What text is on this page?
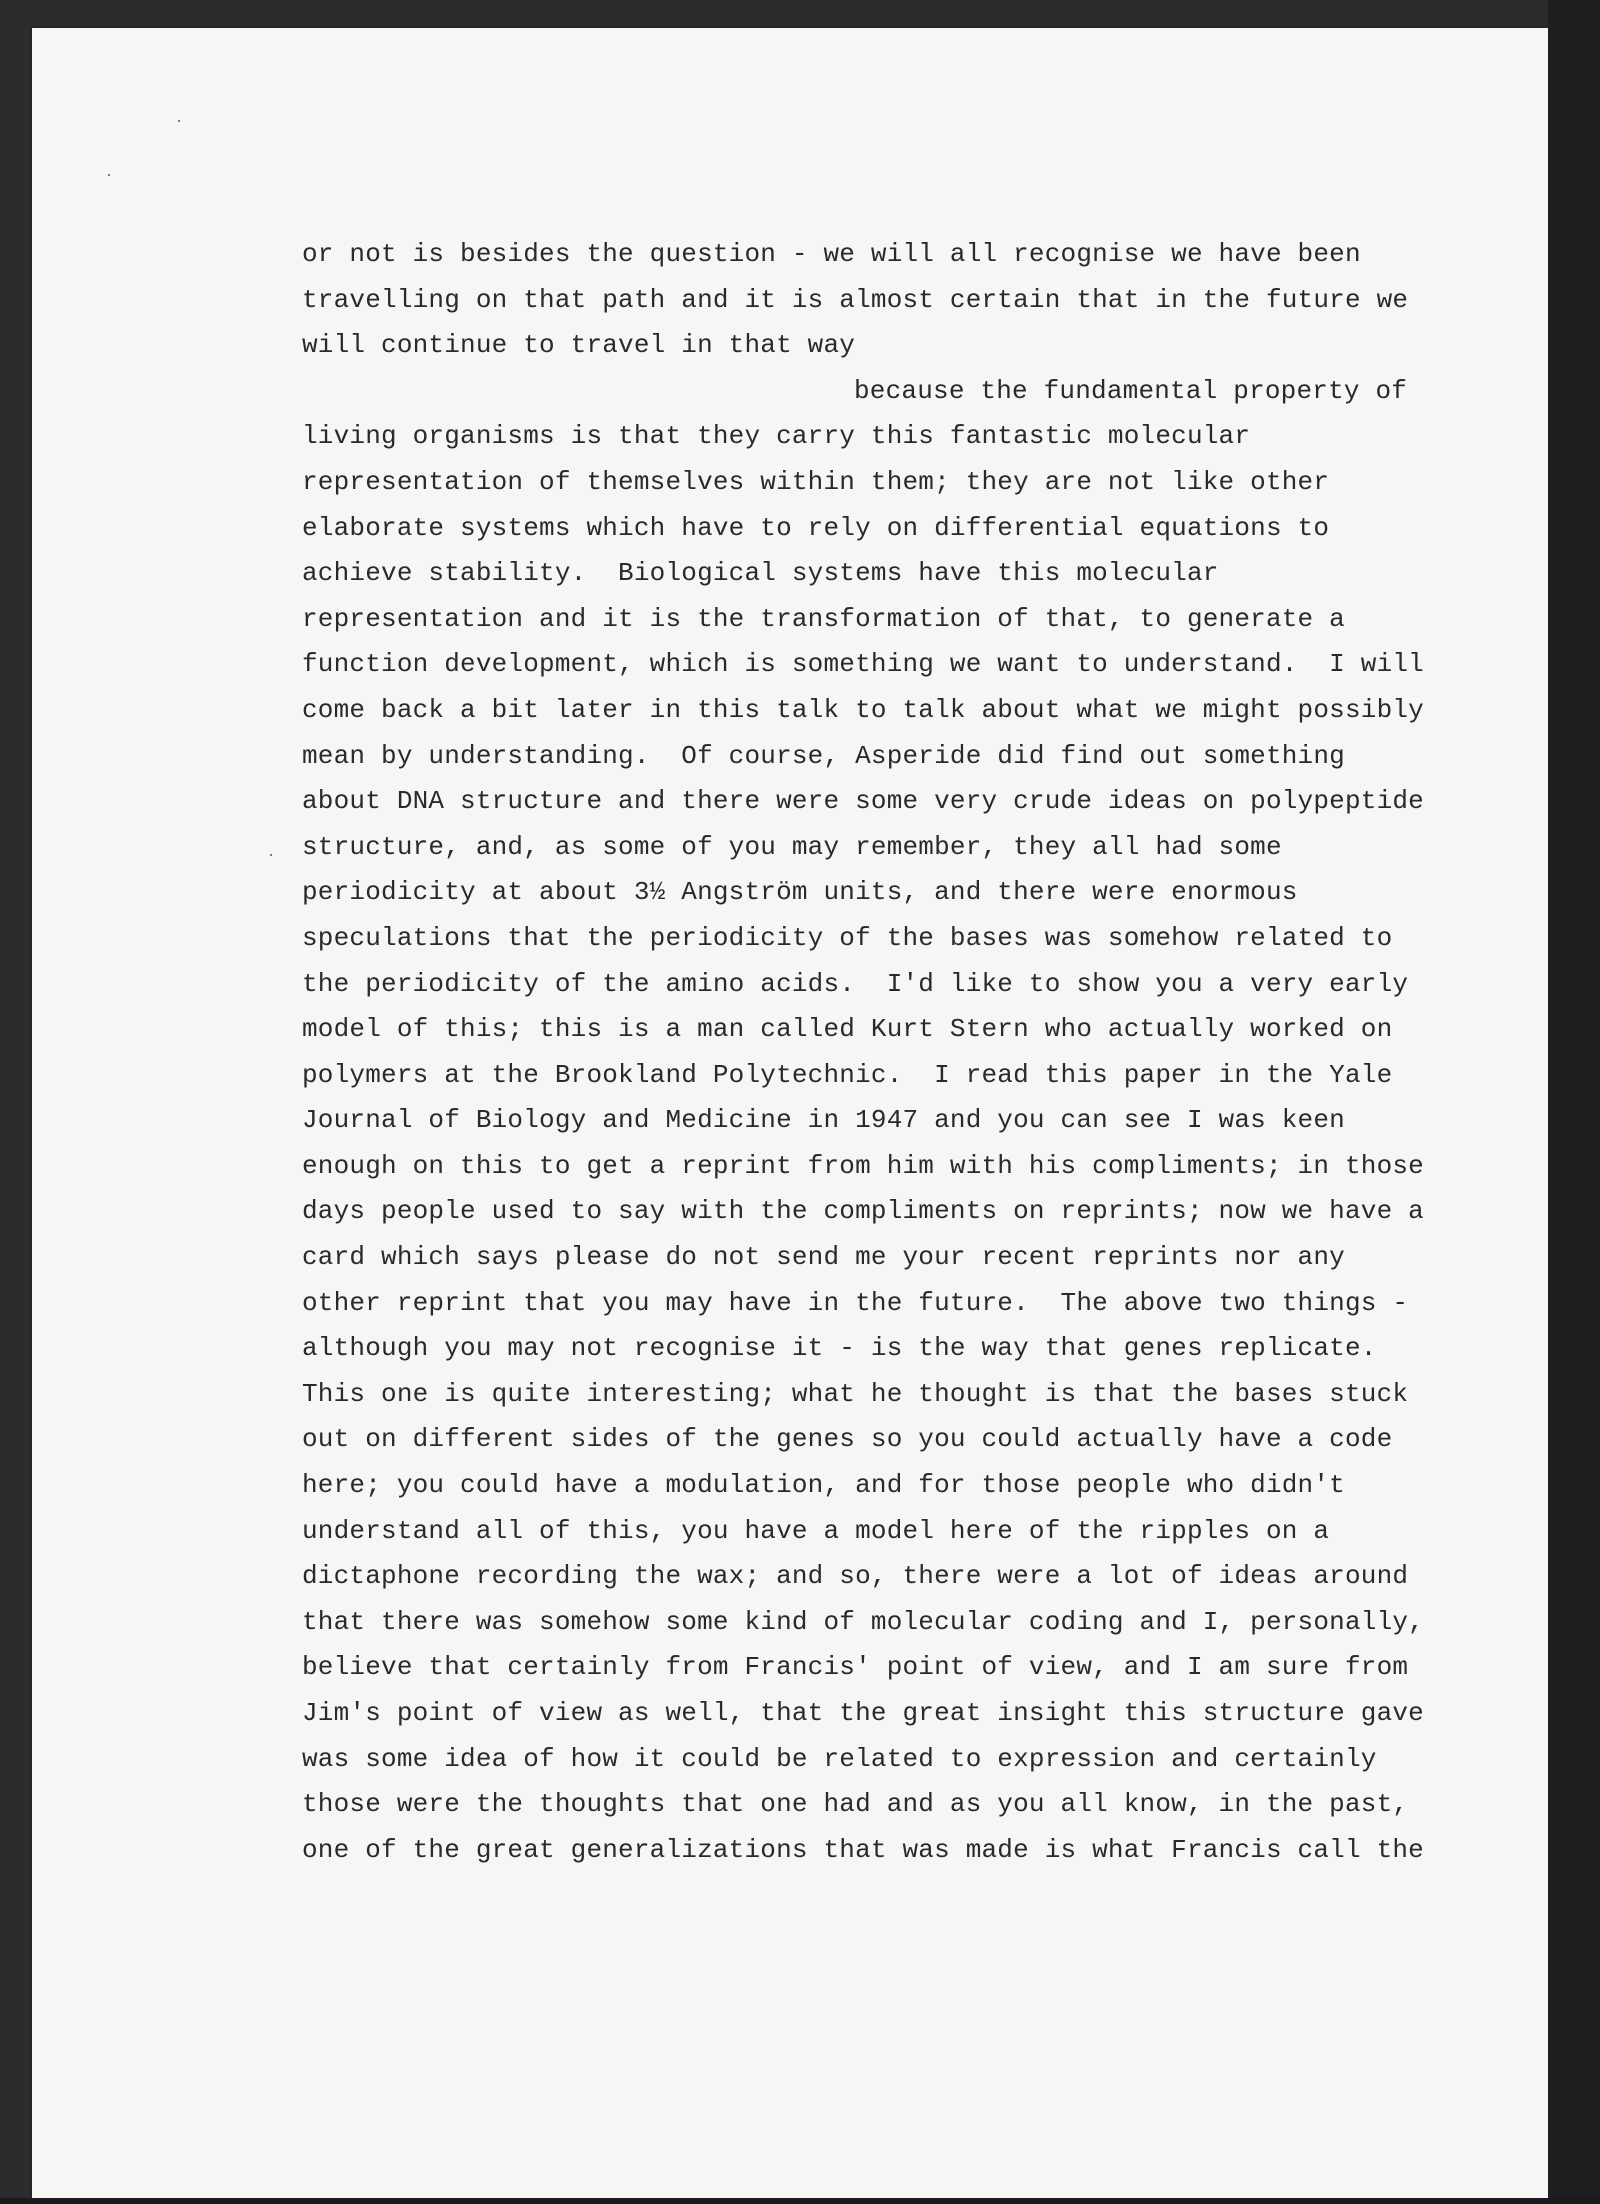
or not is besides the question - we will all recognise we have been
travelling on that path and it is almost certain that in the future we
will continue to travel in that way
because the fundamental property of
living organisms is that they carry this fantastic molecular
representation of themselves within them; they are not like other
elaborate systems which have to rely on differential equations to
achieve stability.  Biological systems have this molecular
representation and it is the transformation of that, to generate a
function development, which is something we want to understand.  I will
come back a bit later in this talk to talk about what we might possibly
mean by understanding.  Of course, Asperide did find out something
about DNA structure and there were some very crude ideas on polypeptide
structure, and, as some of you may remember, they all had some
periodicity at about 3½ Angström units, and there were enormous
speculations that the periodicity of the bases was somehow related to
the periodicity of the amino acids.  I'd like to show you a very early
model of this; this is a man called Kurt Stern who actually worked on
polymers at the Brookland Polytechnic.  I read this paper in the Yale
Journal of Biology and Medicine in 1947 and you can see I was keen
enough on this to get a reprint from him with his compliments; in those
days people used to say with the compliments on reprints; now we have a
card which says please do not send me your recent reprints nor any
other reprint that you may have in the future.  The above two things -
although you may not recognise it - is the way that genes replicate.
This one is quite interesting; what he thought is that the bases stuck
out on different sides of the genes so you could actually have a code
here; you could have a modulation, and for those people who didn't
understand all of this, you have a model here of the ripples on a
dictaphone recording the wax; and so, there were a lot of ideas around
that there was somehow some kind of molecular coding and I, personally,
believe that certainly from Francis' point of view, and I am sure from
Jim's point of view as well, that the great insight this structure gave
was some idea of how it could be related to expression and certainly
those were the thoughts that one had and as you all know, in the past,
one of the great generalizations that was made is what Francis call the
